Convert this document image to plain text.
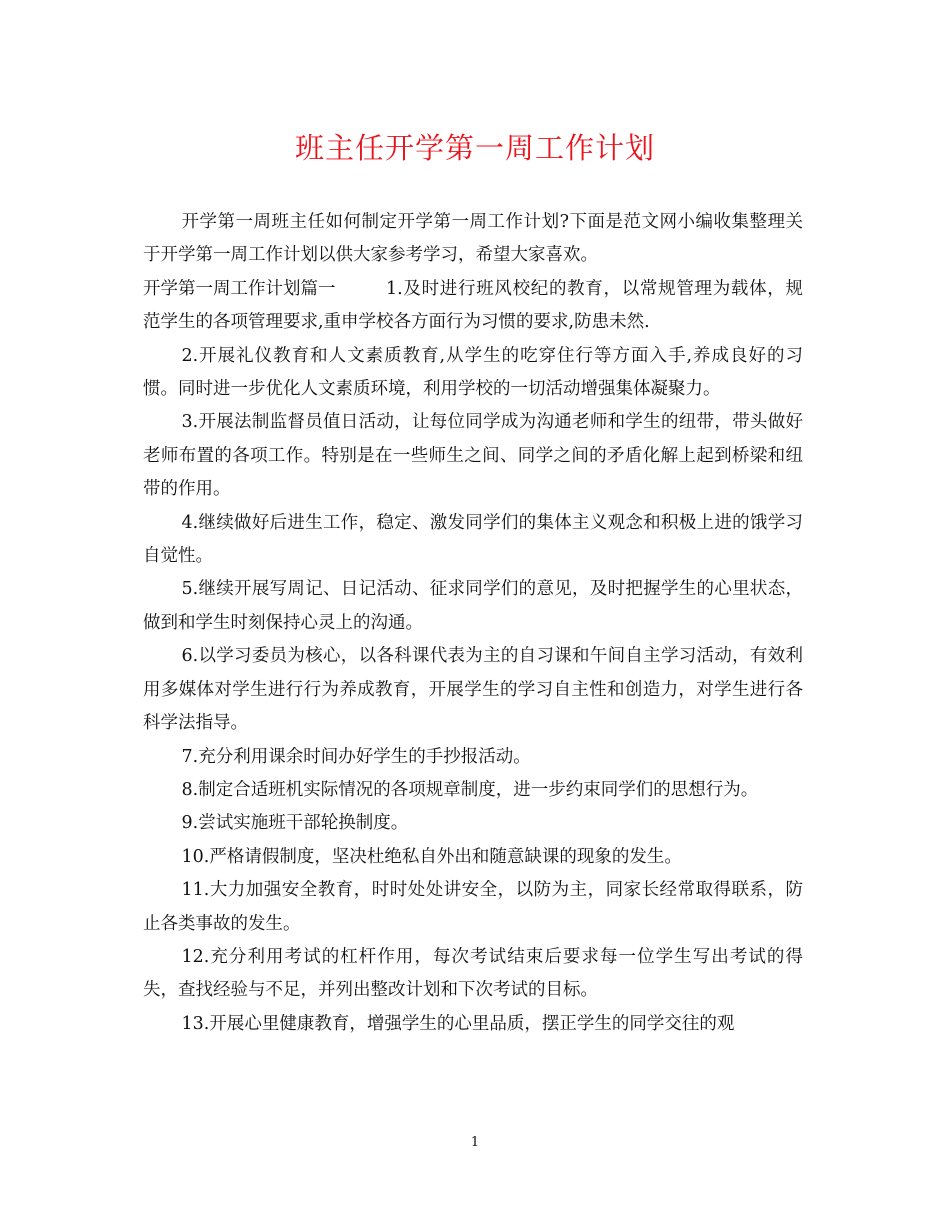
班主任开学第一周工作计划

开学第一周班主任如何制定开学第一周工作计划?下面是范文网小编收集整理关于开学第一周工作计划以供大家参考学习，希望大家喜欢。

开学第一周工作计划篇一	1.及时进行班风校纪的教育，以常规管理为载体，规范学生的各项管理要求,重申学校各方面行为习惯的要求,防患未然.

2.开展礼仪教育和人文素质教育,从学生的吃穿住行等方面入手,养成良好的习惯。同时进一步优化人文素质环境，利用学校的一切活动增强集体凝聚力。

3.开展法制监督员值日活动，让每位同学成为沟通老师和学生的纽带，带头做好老师布置的各项工作。特别是在一些师生之间、同学之间的矛盾化解上起到桥梁和纽带的作用。

4.继续做好后进生工作，稳定、激发同学们的集体主义观念和积极上进的饿学习自觉性。

5.继续开展写周记、日记活动、征求同学们的意见，及时把握学生的心里状态，做到和学生时刻保持心灵上的沟通。

6.以学习委员为核心，以各科课代表为主的自习课和午间自主学习活动，有效利用多媒体对学生进行行为养成教育，开展学生的学习自主性和创造力，对学生进行各科学法指导。

7.充分利用课余时间办好学生的手抄报活动。

8.制定合适班机实际情况的各项规章制度，进一步约束同学们的思想行为。

9.尝试实施班干部轮换制度。

10.严格请假制度，坚决杜绝私自外出和随意缺课的现象的发生。

11.大力加强安全教育，时时处处讲安全，以防为主，同家长经常取得联系，防止各类事故的发生。

12.充分利用考试的杠杆作用，每次考试结束后要求每一位学生写出考试的得失，查找经验与不足，并列出整改计划和下次考试的目标。

13.开展心里健康教育，增强学生的心里品质，摆正学生的同学交往的观

1
